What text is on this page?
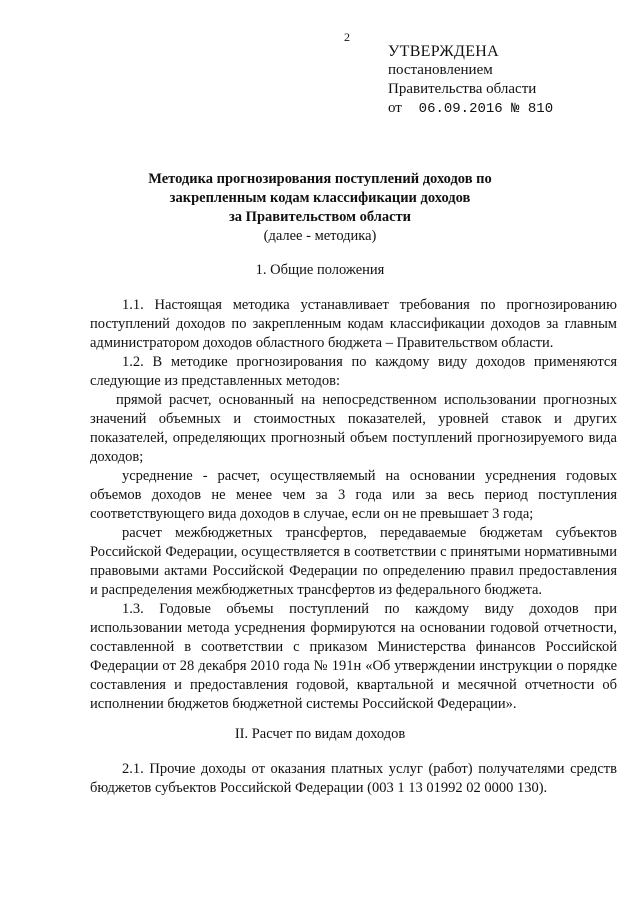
2
УТВЕРЖДЕНА
постановлением
Правительства области
от 06.09.2016 № 810
Методика прогнозирования поступлений доходов по
закрепленным кодам классификации доходов
за Правительством области
(далее - методика)
1. Общие положения

1.1. Настоящая методика устанавливает требования по прогнозированию поступлений доходов по закрепленным кодам классификации доходов за главным администратором доходов областного бюджета – Правительством области.

1.2. В методике прогнозирования по каждому виду доходов применяются следующие из представленных методов:

прямой расчет, основанный на непосредственном использовании прогнозных значений объемных и стоимостных показателей, уровней ставок и других показателей, определяющих прогнозный объем поступлений прогнозируемого вида доходов;

усреднение - расчет, осуществляемый на основании усреднения годовых объемов доходов не менее чем за 3 года или за весь период поступления соответствующего вида доходов в случае, если он не превышает 3 года;

расчет межбюджетных трансфертов, передаваемые бюджетам субъектов Российской Федерации, осуществляется в соответствии с принятыми нормативными правовыми актами Российской Федерации по определению правил предоставления и распределения межбюджетных трансфертов из федерального бюджета.

1.3. Годовые объемы поступлений по каждому виду доходов при использовании метода усреднения формируются на основании годовой отчетности, составленной в соответствии с приказом Министерства финансов Российской Федерации от 28 декабря 2010 года № 191н «Об утверждении инструкции о порядке составления и предоставления годовой, квартальной и месячной отчетности об исполнении бюджетов бюджетной системы Российской Федерации».

II. Расчет по видам доходов

2.1. Прочие доходы от оказания платных услуг (работ) получателями средств бюджетов субъектов Российской Федерации (003 1 13 01992 02 0000 130).
